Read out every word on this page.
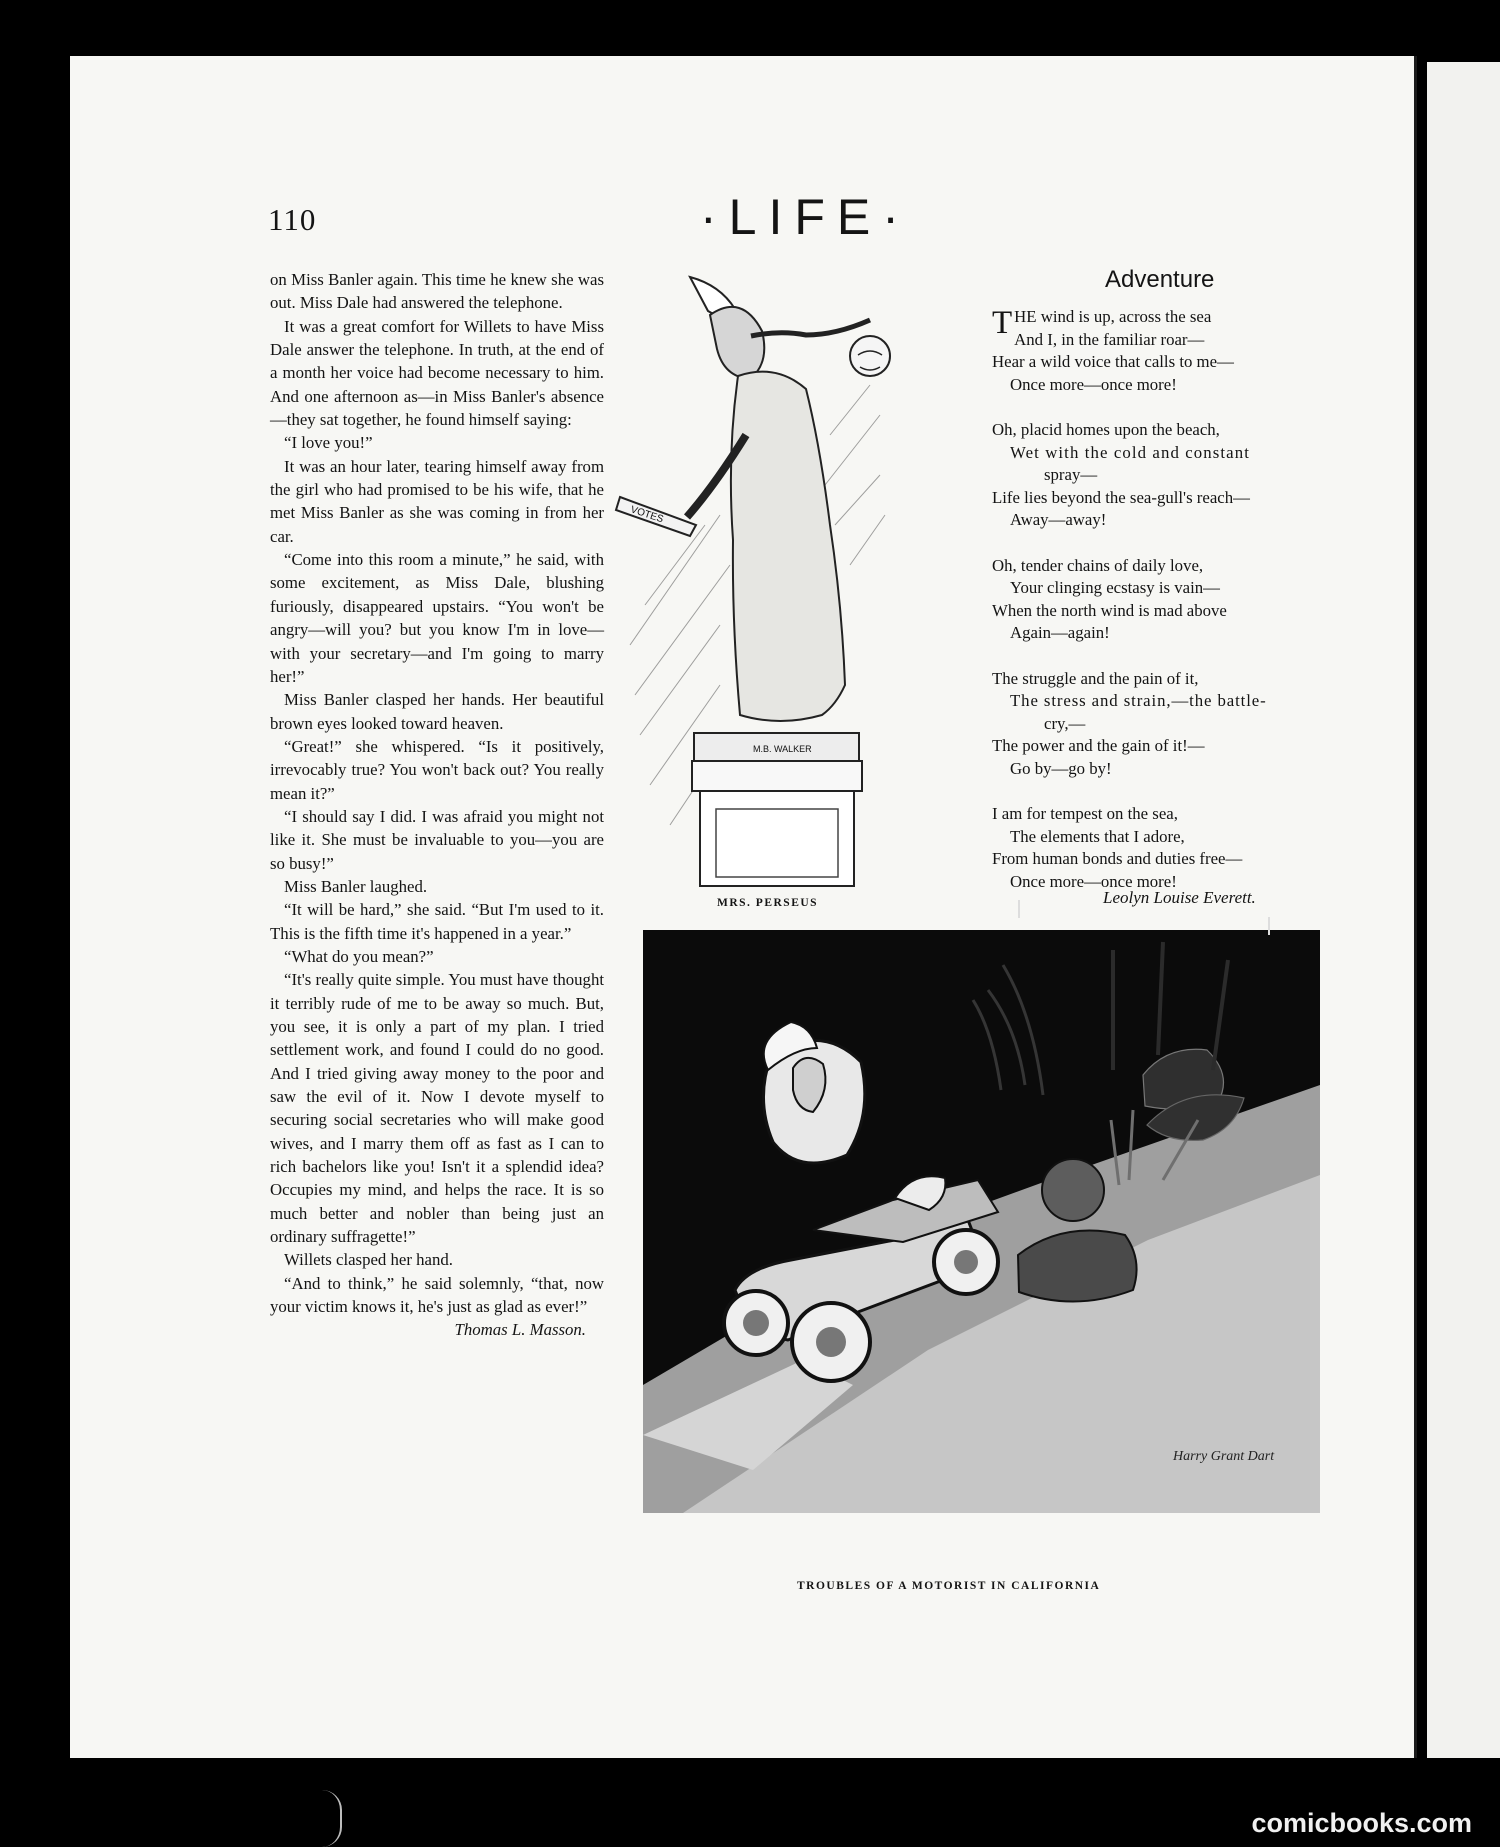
110	·LIFE·

on Miss Banler again. This time he knew she was out. Miss Dale had answered the telephone.

It was a great comfort for Willets to have Miss Dale answer the telephone. In truth, at the end of a month her voice had become necessary to him. And one afternoon as—in Miss Banler's absence—they sat together, he found himself saying:

“I love you!”

It was an hour later, tearing himself away from the girl who had promised to be his wife, that he met Miss Banler as she was coming in from her car.

“Come into this room a minute,” he said, with some excitement, as Miss Dale, blushing furiously, disappeared upstairs. “You won't be angry—will you? but you know I'm in love—with your secretary—and I'm going to marry her!”

Miss Banler clasped her hands. Her beautiful brown eyes looked toward heaven.

“Great!” she whispered. “Is it positively, irrevocably true? You won't back out? You really mean it?”

“I should say I did. I was afraid you might not like it. She must be invaluable to you—you are so busy!”

Miss Banler laughed.

“It will be hard,” she said. “But I'm used to it. This is the fifth time it's happened in a year.”

“What do you mean?”

“It's really quite simple. You must have thought it terribly rude of me to be away so much. But, you see, it is only a part of my plan. I tried settlement work, and found I could do no good. And I tried giving away money to the poor and saw the evil of it. Now I devote myself to securing social secretaries who will make good wives, and I marry them off as fast as I can to rich bachelors like you! Isn't it a splendid idea? Occupies my mind, and helps the race. It is so much better and nobler than being just an ordinary suffragette!”

Willets clasped her hand.

“And to think,” he said solemnly, “that, now your victim knows it, he's just as glad as ever!”

Thomas L. Masson.

VOTES
M.B. WALKER
MRS. PERSEUS
Adventure
THE wind is up, across the sea
And I, in the familiar roar—
Hear a wild voice that calls to me—
Once more—once more!
Oh, placid homes upon the beach,
Wet with the cold and constant
spray—
Life lies beyond the sea-gull's reach—
Away—away!
Oh, tender chains of daily love,
Your clinging ecstasy is vain—
When the north wind is mad above
Again—again!
The struggle and the pain of it,
The stress and strain,—the battle-
cry,—
The power and the gain of it!—
Go by—go by!
I am for tempest on the sea,
The elements that I adore,
From human bonds and duties free—
Once more—once more!
Leolyn Louise Everett.
Harry Grant Dart
TROUBLES OF A MOTORIST IN CALIFORNIA
comicbooks.com
